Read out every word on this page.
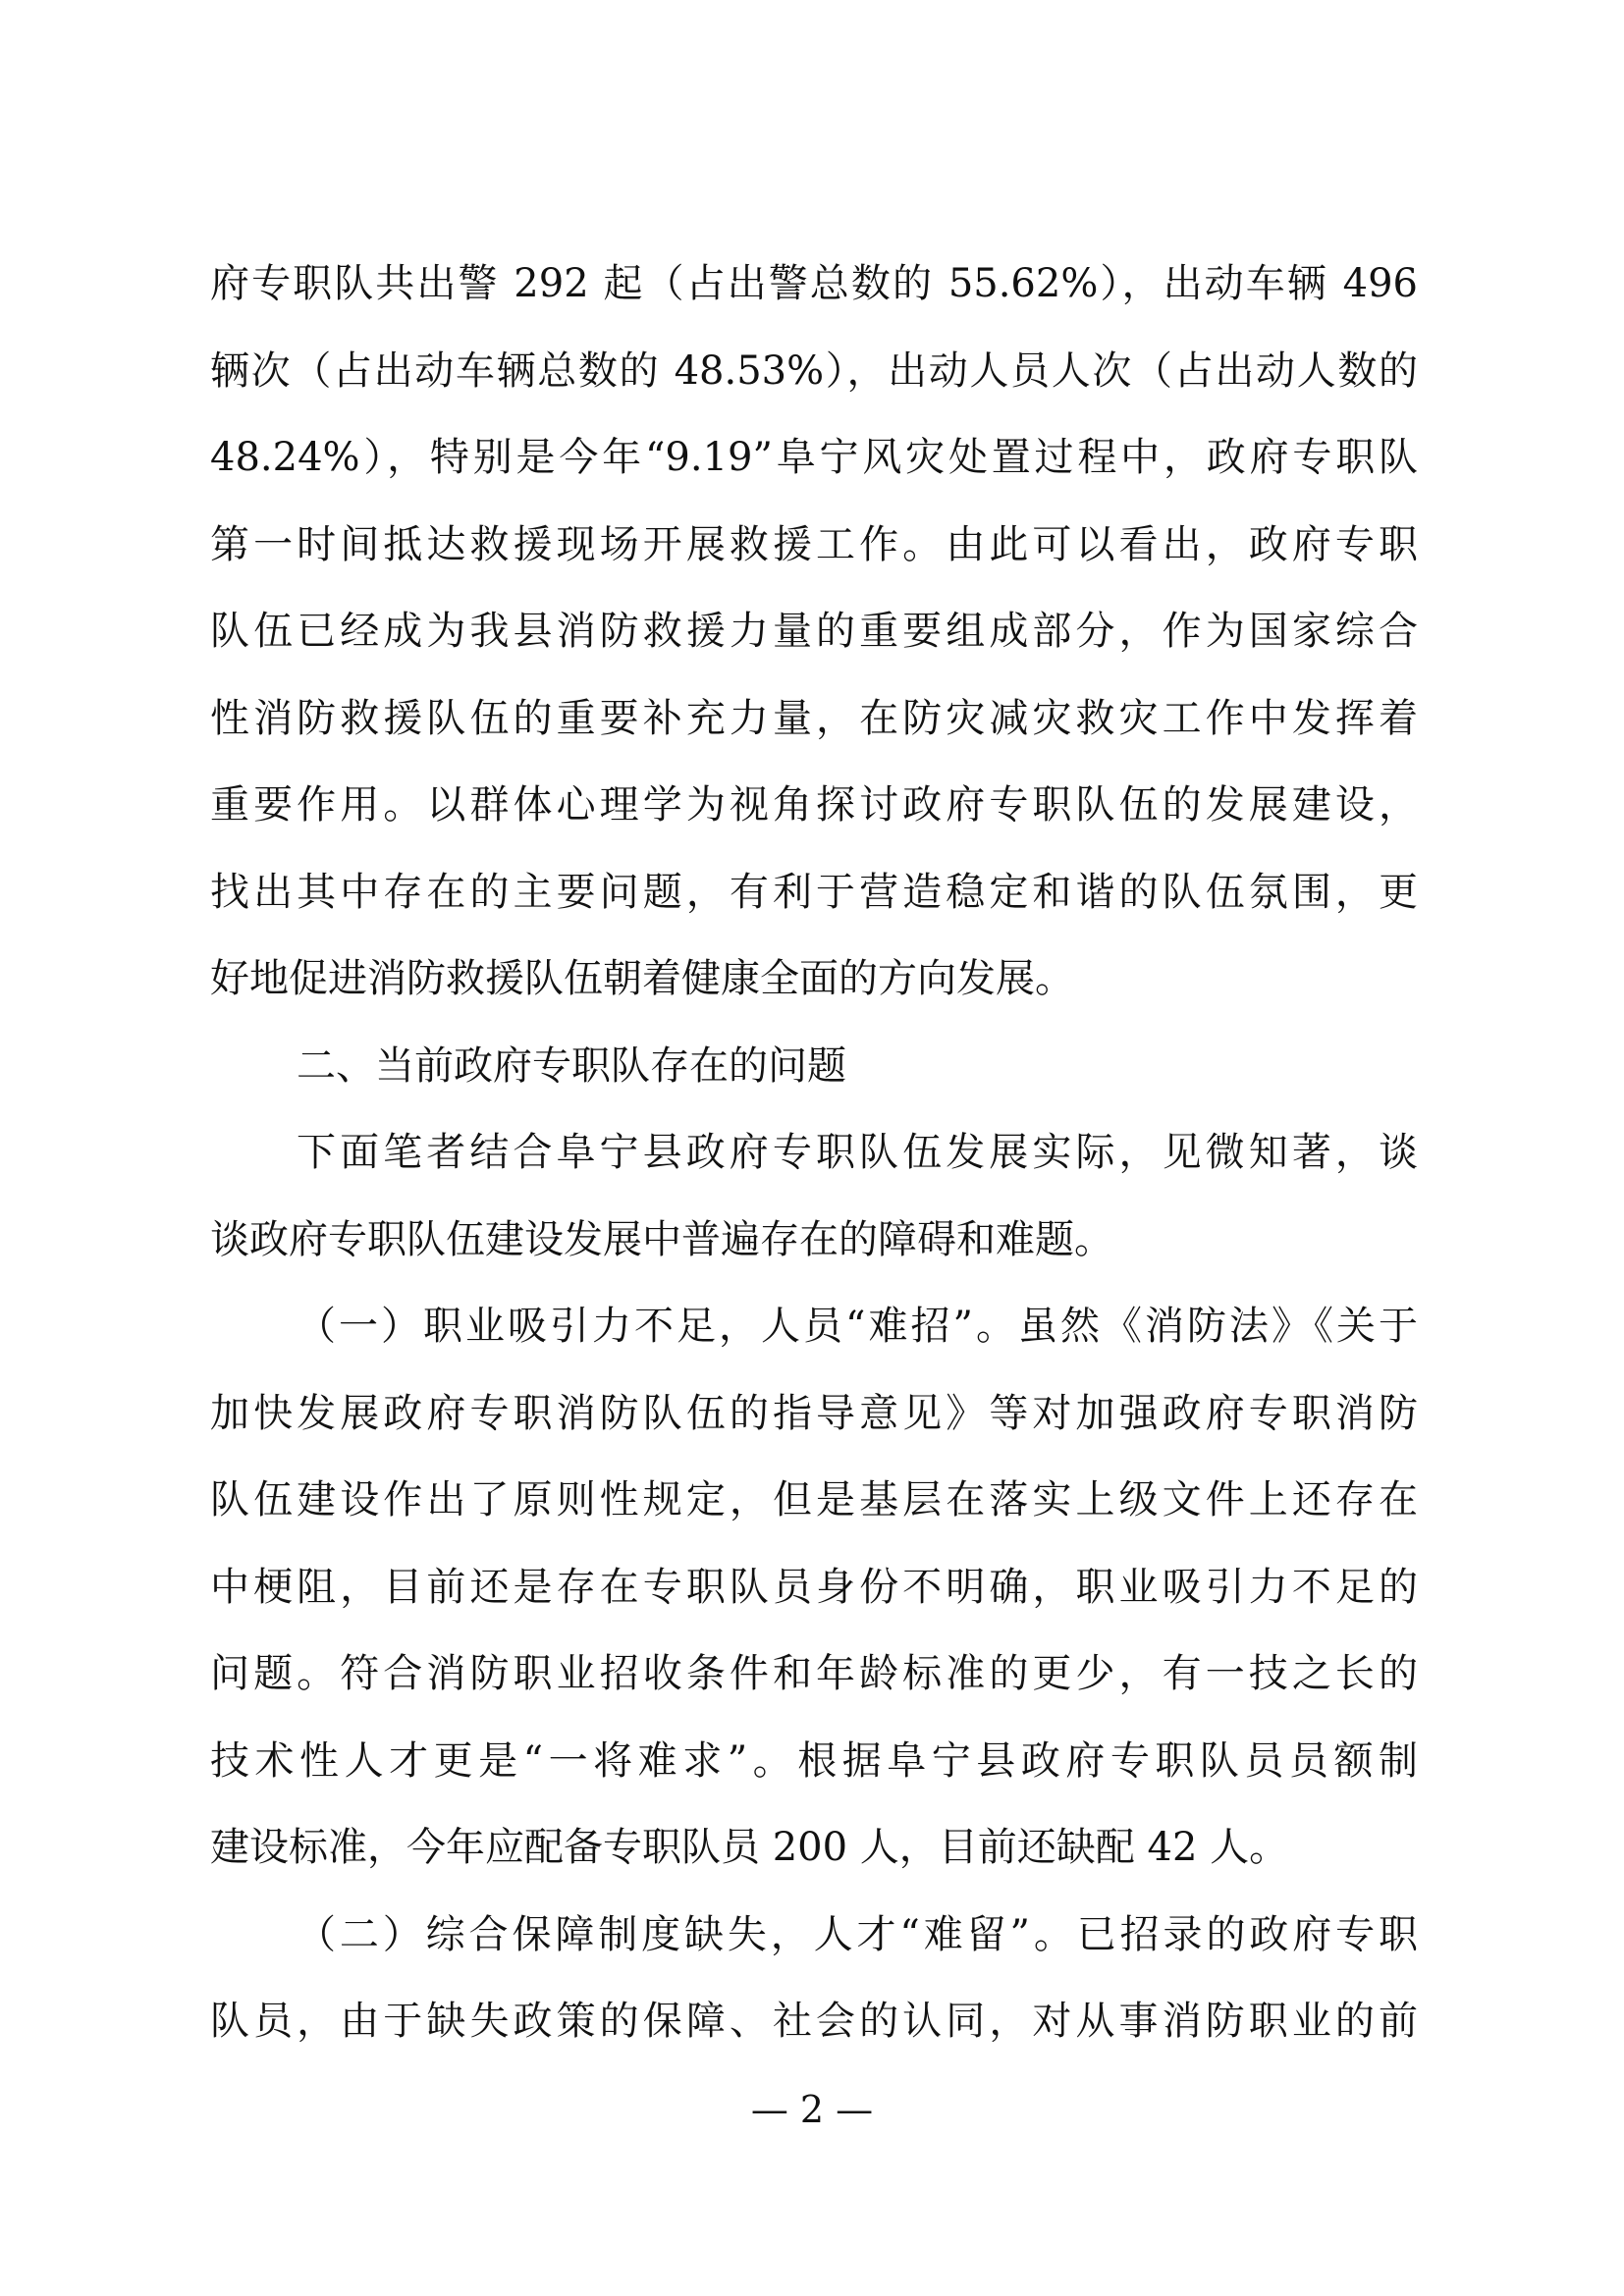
府专职队共出警 292 起（占出警总数的 55.62%），出动车辆 496
辆次（占出动车辆总数的 48.53%），出动人员人次（占出动人数的
48.24%），特别是今年“9.19”阜宁风灾处置过程中，政府专职队
第一时间抵达救援现场开展救援工作。由此可以看出，政府专职
队伍已经成为我县消防救援力量的重要组成部分，作为国家综合
性消防救援队伍的重要补充力量，在防灾减灾救灾工作中发挥着
重要作用。以群体心理学为视角探讨政府专职队伍的发展建设，
找出其中存在的主要问题，有利于营造稳定和谐的队伍氛围，更
好地促进消防救援队伍朝着健康全面的方向发展。
二、当前政府专职队存在的问题
下面笔者结合阜宁县政府专职队伍发展实际，见微知著，谈
谈政府专职队伍建设发展中普遍存在的障碍和难题。
（一）职业吸引力不足，人员“难招”。虽然《消防法》《关于
加快发展政府专职消防队伍的指导意见》等对加强政府专职消防
队伍建设作出了原则性规定，但是基层在落实上级文件上还存在
中梗阻，目前还是存在专职队员身份不明确，职业吸引力不足的
问题。符合消防职业招收条件和年龄标准的更少，有一技之长的
技术性人才更是“一将难求”。根据阜宁县政府专职队员员额制
建设标准，今年应配备专职队员 200 人，目前还缺配 42 人。
（二）综合保障制度缺失，人才“难留”。已招录的政府专职
队员，由于缺失政策的保障、社会的认同，对从事消防职业的前
— 2 —
